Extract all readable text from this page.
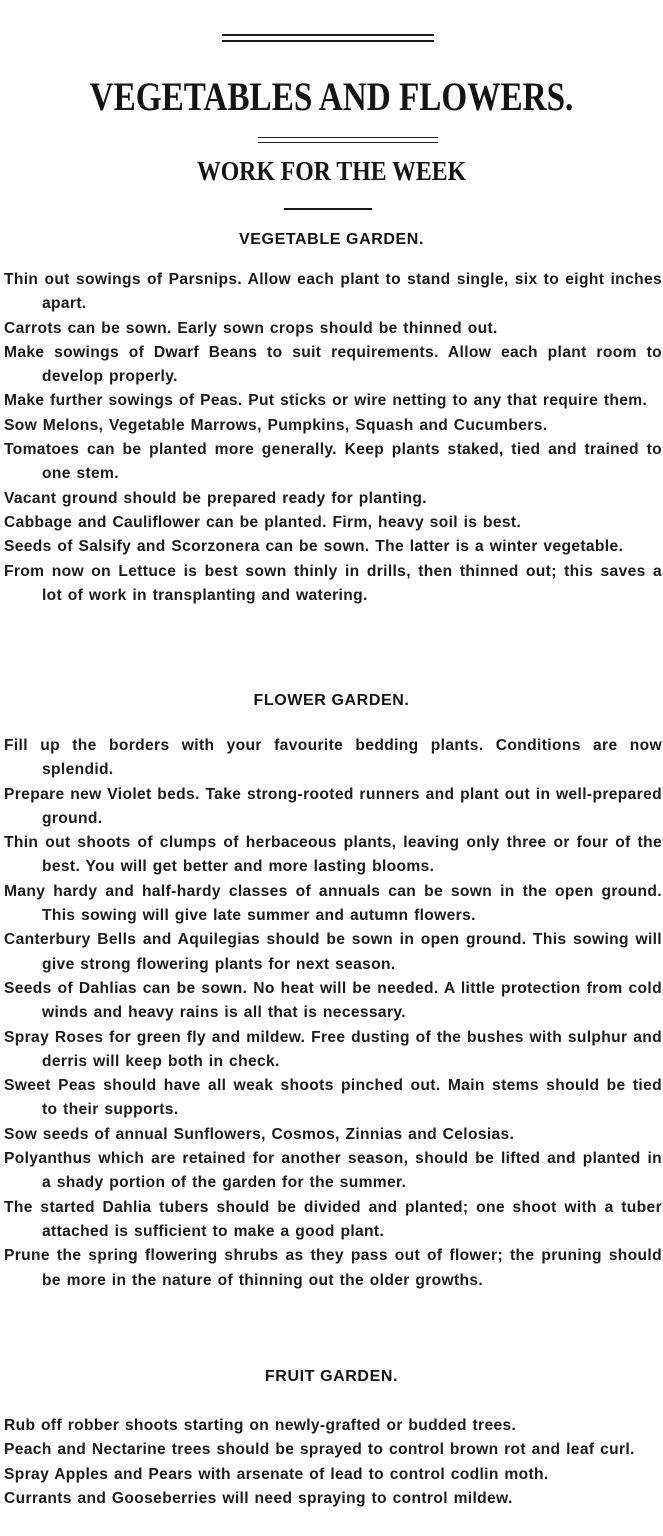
VEGETABLES AND FLOWERS.
WORK FOR THE WEEK
VEGETABLE GARDEN.

Thin out sowings of Parsnips. Allow each plant to stand single, six to eight inches apart.

Carrots can be sown. Early sown crops should be thinned out.

Make sowings of Dwarf Beans to suit requirements. Allow each plant room to develop properly.

Make further sowings of Peas. Put sticks or wire netting to any that require them.

Sow Melons, Vegetable Marrows, Pumpkins, Squash and Cucumbers.

Tomatoes can be planted more generally. Keep plants staked, tied and trained to one stem.

Vacant ground should be prepared ready for planting.

Cabbage and Cauliflower can be planted. Firm, heavy soil is best.

Seeds of Salsify and Scorzonera can be sown. The latter is a winter vegetable.

From now on Lettuce is best sown thinly in drills, then thinned out; this saves a lot of work in transplanting and watering.

FLOWER GARDEN.

Fill up the borders with your favourite bedding plants. Conditions are now splendid.

Prepare new Violet beds. Take strong-rooted runners and plant out in well-prepared ground.

Thin out shoots of clumps of herbaceous plants, leaving only three or four of the best. You will get better and more lasting blooms.

Many hardy and half-hardy classes of annuals can be sown in the open ground. This sowing will give late summer and autumn flowers.

Canterbury Bells and Aquilegias should be sown in open ground. This sowing will give strong flowering plants for next season.

Seeds of Dahlias can be sown. No heat will be needed. A little protection from cold winds and heavy rains is all that is necessary.

Spray Roses for green fly and mildew. Free dusting of the bushes with sulphur and derris will keep both in check.

Sweet Peas should have all weak shoots pinched out. Main stems should be tied to their supports.

Sow seeds of annual Sunflowers, Cosmos, Zinnias and Celosias.

Polyanthus which are retained for another season, should be lifted and planted in a shady portion of the garden for the summer.

The started Dahlia tubers should be divided and planted; one shoot with a tuber attached is sufficient to make a good plant.

Prune the spring flowering shrubs as they pass out of flower; the pruning should be more in the nature of thinning out the older growths.

FRUIT GARDEN.

Rub off robber shoots starting on newly-grafted or budded trees.

Peach and Nectarine trees should be sprayed to control brown rot and leaf curl.

Spray Apples and Pears with arsenate of lead to control codlin moth.

Currants and Gooseberries will need spraying to control mildew.
